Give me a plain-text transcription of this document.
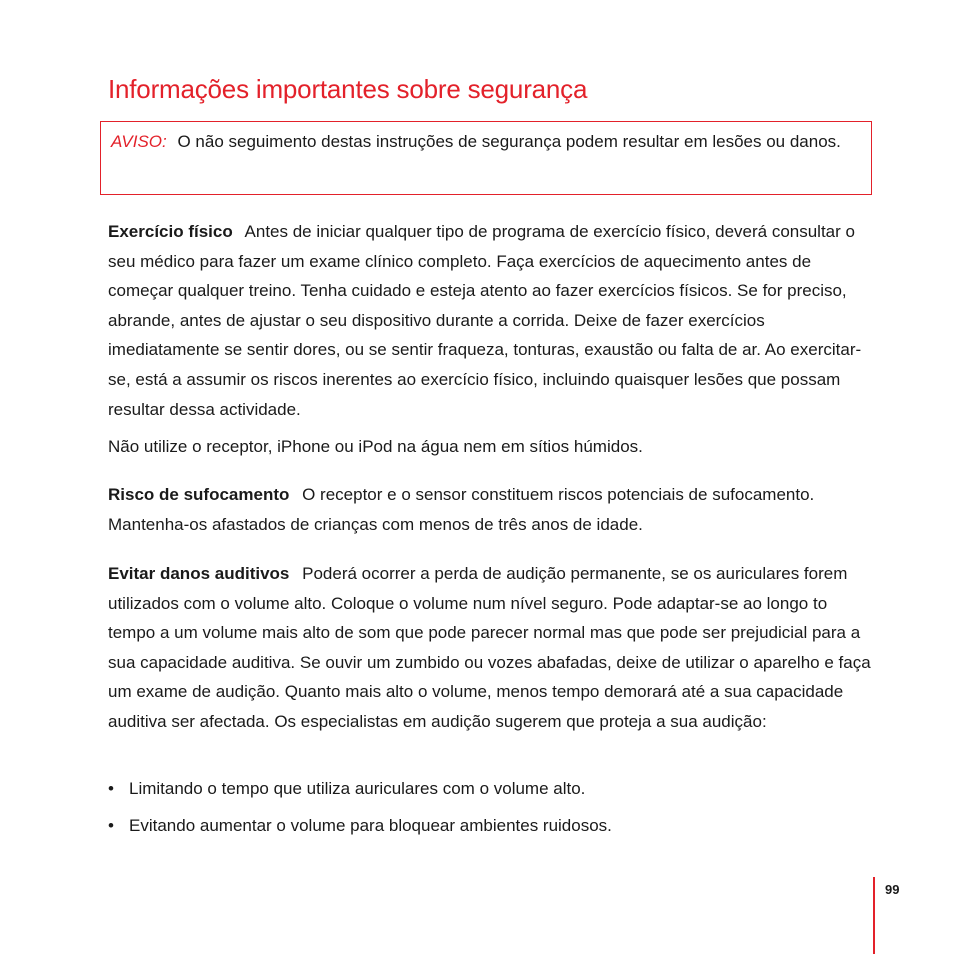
Informações importantes sobre segurança
AVISO: O não seguimento destas instruções de segurança podem resultar em lesões ou danos.

Exercício físico Antes de iniciar qualquer tipo de programa de exercício físico, deverá consultar o seu médico para fazer um exame clínico completo. Faça exercícios de aquecimento antes de começar qualquer treino. Tenha cuidado e esteja atento ao fazer exercícios físicos. Se for preciso, abrande, antes de ajustar o seu dispositivo durante a corrida. Deixe de fazer exercícios imediatamente se sentir dores, ou se sentir fraqueza, tonturas, exaustão ou falta de ar. Ao exercitar-se, está a assumir os riscos inerentes ao exercício físico, incluindo quaisquer lesões que possam resultar dessa actividade.

Não utilize o receptor, iPhone ou iPod na água nem em sítios húmidos.

Risco de sufocamento O receptor e o sensor constituem riscos potenciais de sufocamento. Mantenha-os afastados de crianças com menos de três anos de idade.

Evitar danos auditivos Poderá ocorrer a perda de audição permanente, se os auriculares forem utilizados com o volume alto. Coloque o volume num nível seguro. Pode adaptar-se ao longo to tempo a um volume mais alto de som que pode parecer normal mas que pode ser prejudicial para a sua capacidade auditiva. Se ouvir um zumbido ou vozes abafadas, deixe de utilizar o aparelho e faça um exame de audição. Quanto mais alto o volume, menos tempo demorará até a sua capacidade auditiva ser afectada. Os especialistas em audição sugerem que proteja a sua audição:

• Limitando o tempo que utiliza auriculares com o volume alto.
• Evitando aumentar o volume para bloquear ambientes ruidosos.
99
